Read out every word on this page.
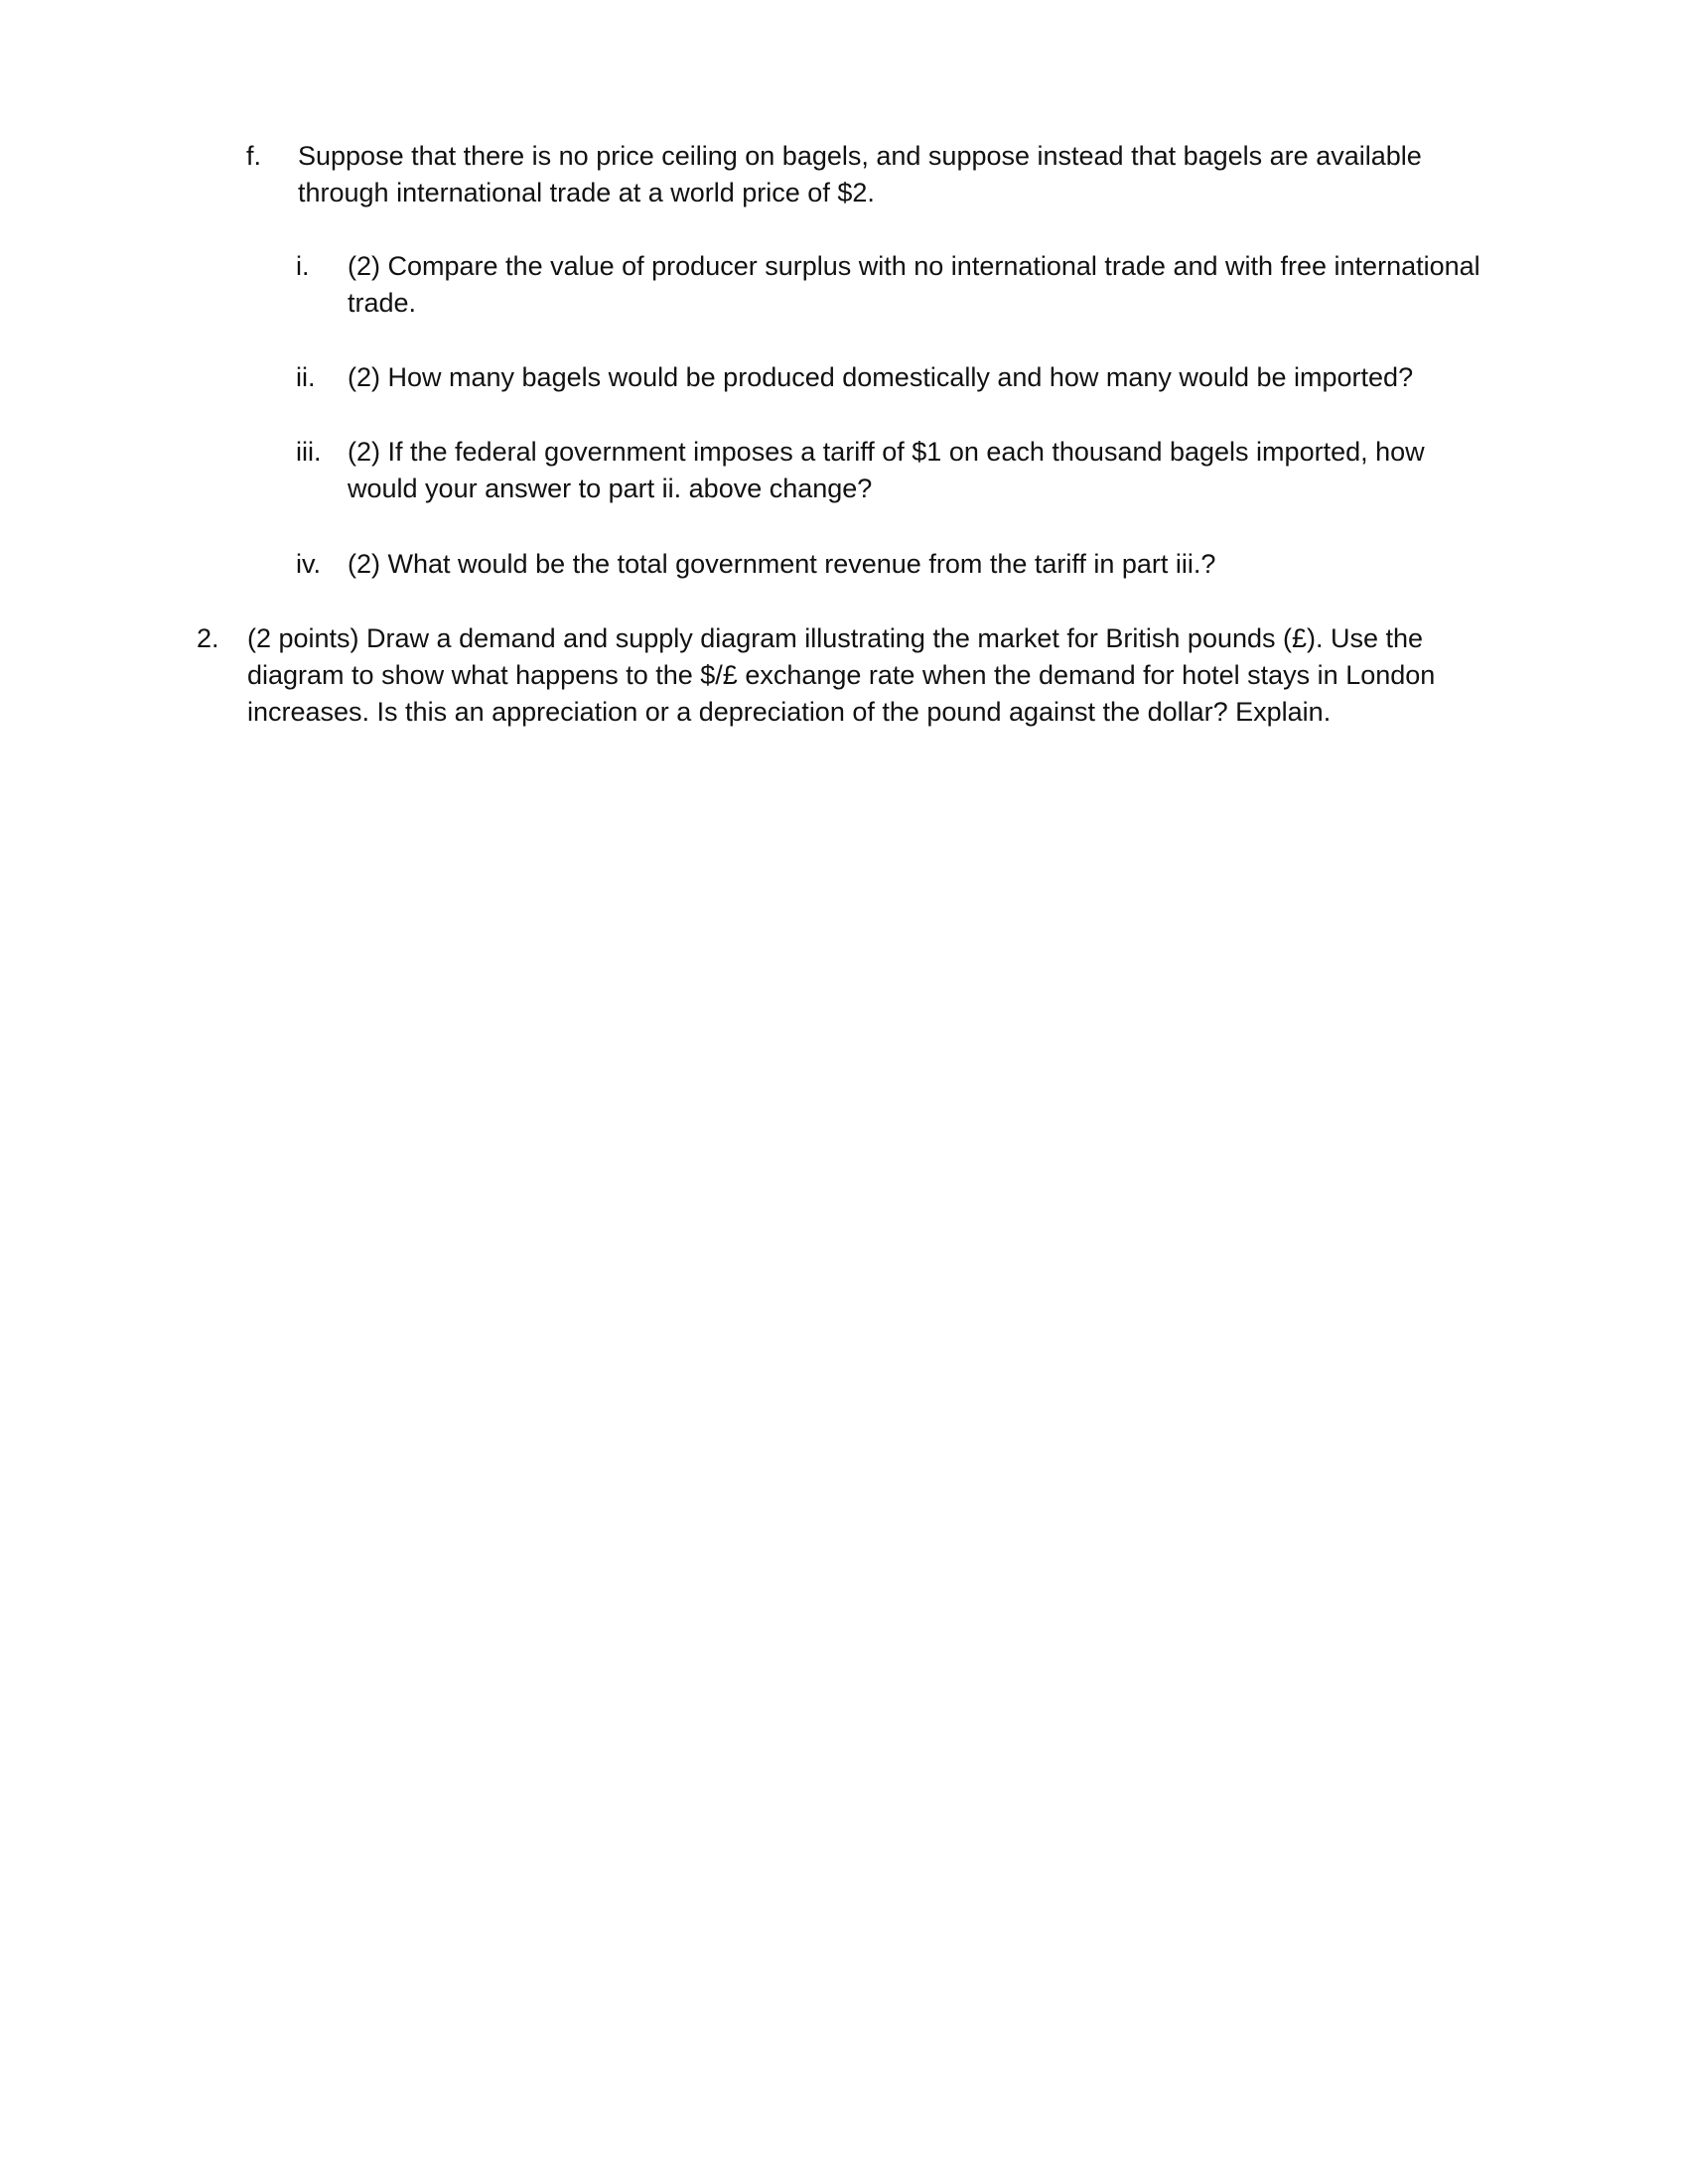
f.	Suppose that there is no price ceiling on bagels, and suppose instead that bagels are available through international trade at a world price of $2.
i.	(2) Compare the value of producer surplus with no international trade and with free international trade.
ii.	(2) How many bagels would be produced domestically and how many would be imported?
iii. (2) If the federal government imposes a tariff of $1 on each thousand bagels imported, how would your answer to part ii. above change?
iv.	(2) What would be the total government revenue from the tariff in part iii.?
2.	(2 points) Draw a demand and supply diagram illustrating the market for British pounds (£). Use the diagram to show what happens to the $/£ exchange rate when the demand for hotel stays in London increases. Is this an appreciation or a depreciation of the pound against the dollar? Explain.
